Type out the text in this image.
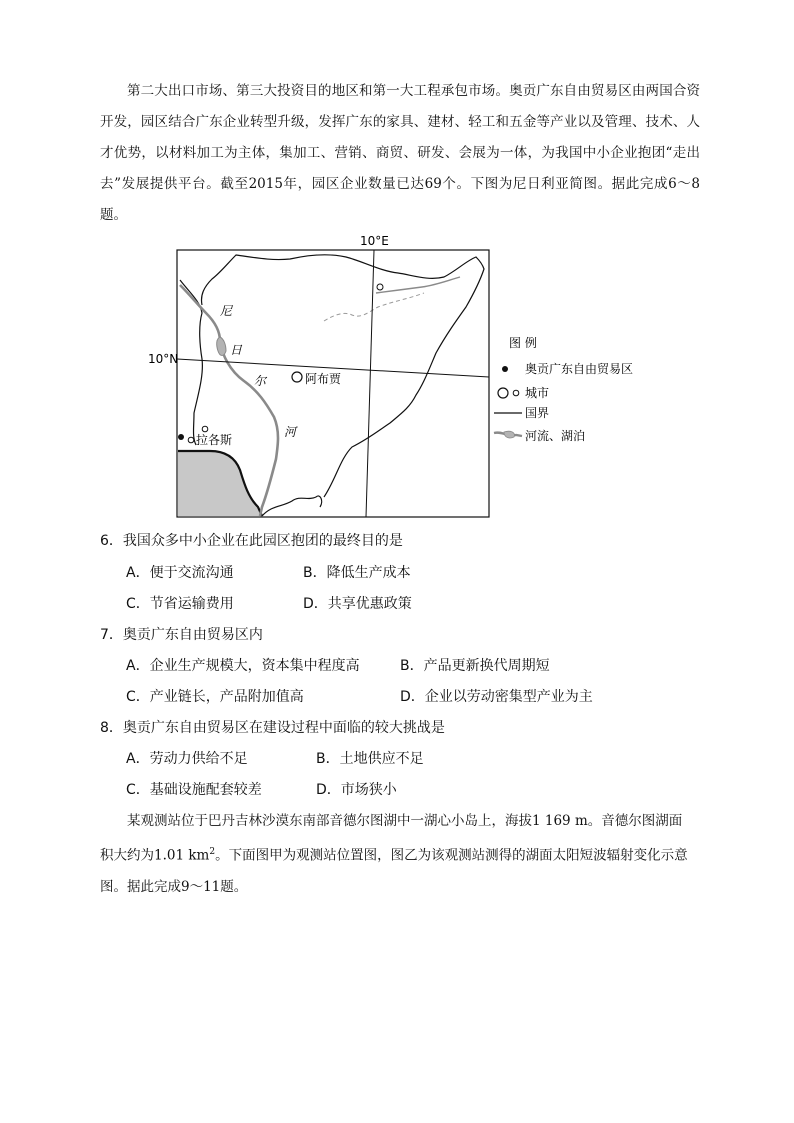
第二大出口市场、第三大投资目的地区和第一大工程承包市场。奥贡广东自由贸易区由两国合资开发，园区结合广东企业转型升级，发挥广东的家具、建材、轻工和五金等产业以及管理、技术、人才优势，以材料加工为主体，集加工、营销、商贸、研发、会展为一体，为我国中小企业抱团“走出去”发展提供平台。截至2015年，园区企业数量已达69个。下图为尼日利亚简图。据此完成6～8题。
10°E
10°N
尼
日
尔
河
阿布贾
拉各斯
图 例
奥贡广东自由贸易区
城市
国界
河流、湖泊
6．我国众多中小企业在此园区抱团的最终目的是
A．便于交流沟通	B．降低生产成本
C．节省运输费用	D．共享优惠政策
7．奥贡广东自由贸易区内
A．企业生产规模大，资本集中程度高	B．产品更新换代周期短
C．产业链长，产品附加值高	D．企业以劳动密集型产业为主
8．奥贡广东自由贸易区在建设过程中面临的较大挑战是
A．劳动力供给不足	B．土地供应不足
C．基础设施配套较差	D．市场狭小
某观测站位于巴丹吉林沙漠东南部音德尔图湖中一湖心小岛上，海拔1 169 m。音德尔图湖面
积大约为1.01 $km^2$。下面图甲为观测站位置图，图乙为该观测站测得的湖面太阳短波辐射变化示意
图。据此完成9～11题。
